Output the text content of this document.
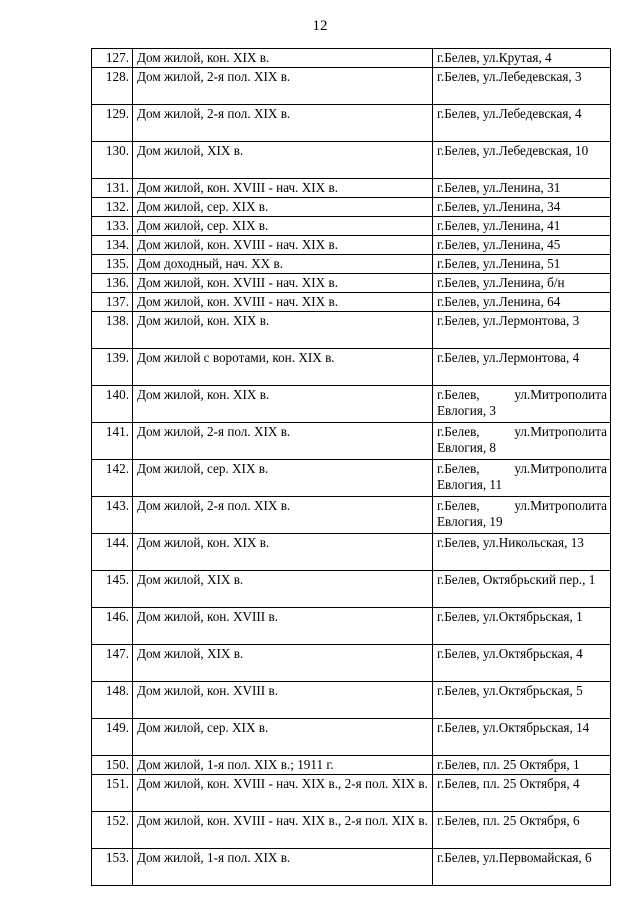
12
127.	Дом жилой, кон. XIX в.	г.Белев, ул.Крутая, 4
128.	Дом жилой, 2-я пол. XIX в.	г.Белев, ул.Лебедевская, 3
129.	Дом жилой, 2-я пол. XIX в.	г.Белев, ул.Лебедевская, 4
130.	Дом жилой, XIX в.	г.Белев, ул.Лебедевская, 10
131.	Дом жилой, кон. XVIII - нач. XIX в.	г.Белев, ул.Ленина, 31
132.	Дом жилой, сер. XIX в.	г.Белев, ул.Ленина, 34
133.	Дом жилой, сер. XIX в.	г.Белев, ул.Ленина, 41
134.	Дом жилой, кон. XVIII - нач. XIX в.	г.Белев, ул.Ленина, 45
135.	Дом доходный, нач. XX в.	г.Белев, ул.Ленина, 51
136.	Дом жилой, кон. XVIII - нач. XIX в.	г.Белев, ул.Ленина, б/н
137.	Дом жилой, кон. XVIII - нач. XIX в.	г.Белев, ул.Ленина, 64
138.	Дом жилой, кон. XIX в.	г.Белев, ул.Лермонтова, 3
139.	Дом жилой с воротами, кон. XIX в.	г.Белев, ул.Лермонтова, 4
140.	Дом жилой, кон. XIX в.	г.Белев, ул.Митрополита Евлогия, 3
141.	Дом жилой, 2-я пол. XIX в.	г.Белев, ул.Митрополита Евлогия, 8
142.	Дом жилой, сер. XIX в.	г.Белев, ул.Митрополита Евлогия, 11
143.	Дом жилой, 2-я пол. XIX в.	г.Белев, ул.Митрополита Евлогия, 19
144.	Дом жилой, кон. XIX в.	г.Белев, ул.Никольская, 13
145.	Дом жилой, XIX в.	г.Белев, Октябрьский пер., 1
146.	Дом жилой, кон. XVIII в.	г.Белев, ул.Октябрьская, 1
147.	Дом жилой, XIX в.	г.Белев, ул.Октябрьская, 4
148.	Дом жилой, кон. XVIII в.	г.Белев, ул.Октябрьская, 5
149.	Дом жилой, сер. XIX в.	г.Белев, ул.Октябрьская, 14
150.	Дом жилой, 1-я пол. XIX в.; 1911 г.	г.Белев, пл. 25 Октября, 1
151.	Дом жилой, кон. XVIII - нач. XIX в., 2-я пол. XIX в.	г.Белев, пл. 25 Октября, 4
152.	Дом жилой, кон. XVIII - нач. XIX в., 2-я пол. XIX в.	г.Белев, пл. 25 Октября, 6
153.	Дом жилой, 1-я пол. XIX в.	г.Белев, ул.Первомайская, 6
